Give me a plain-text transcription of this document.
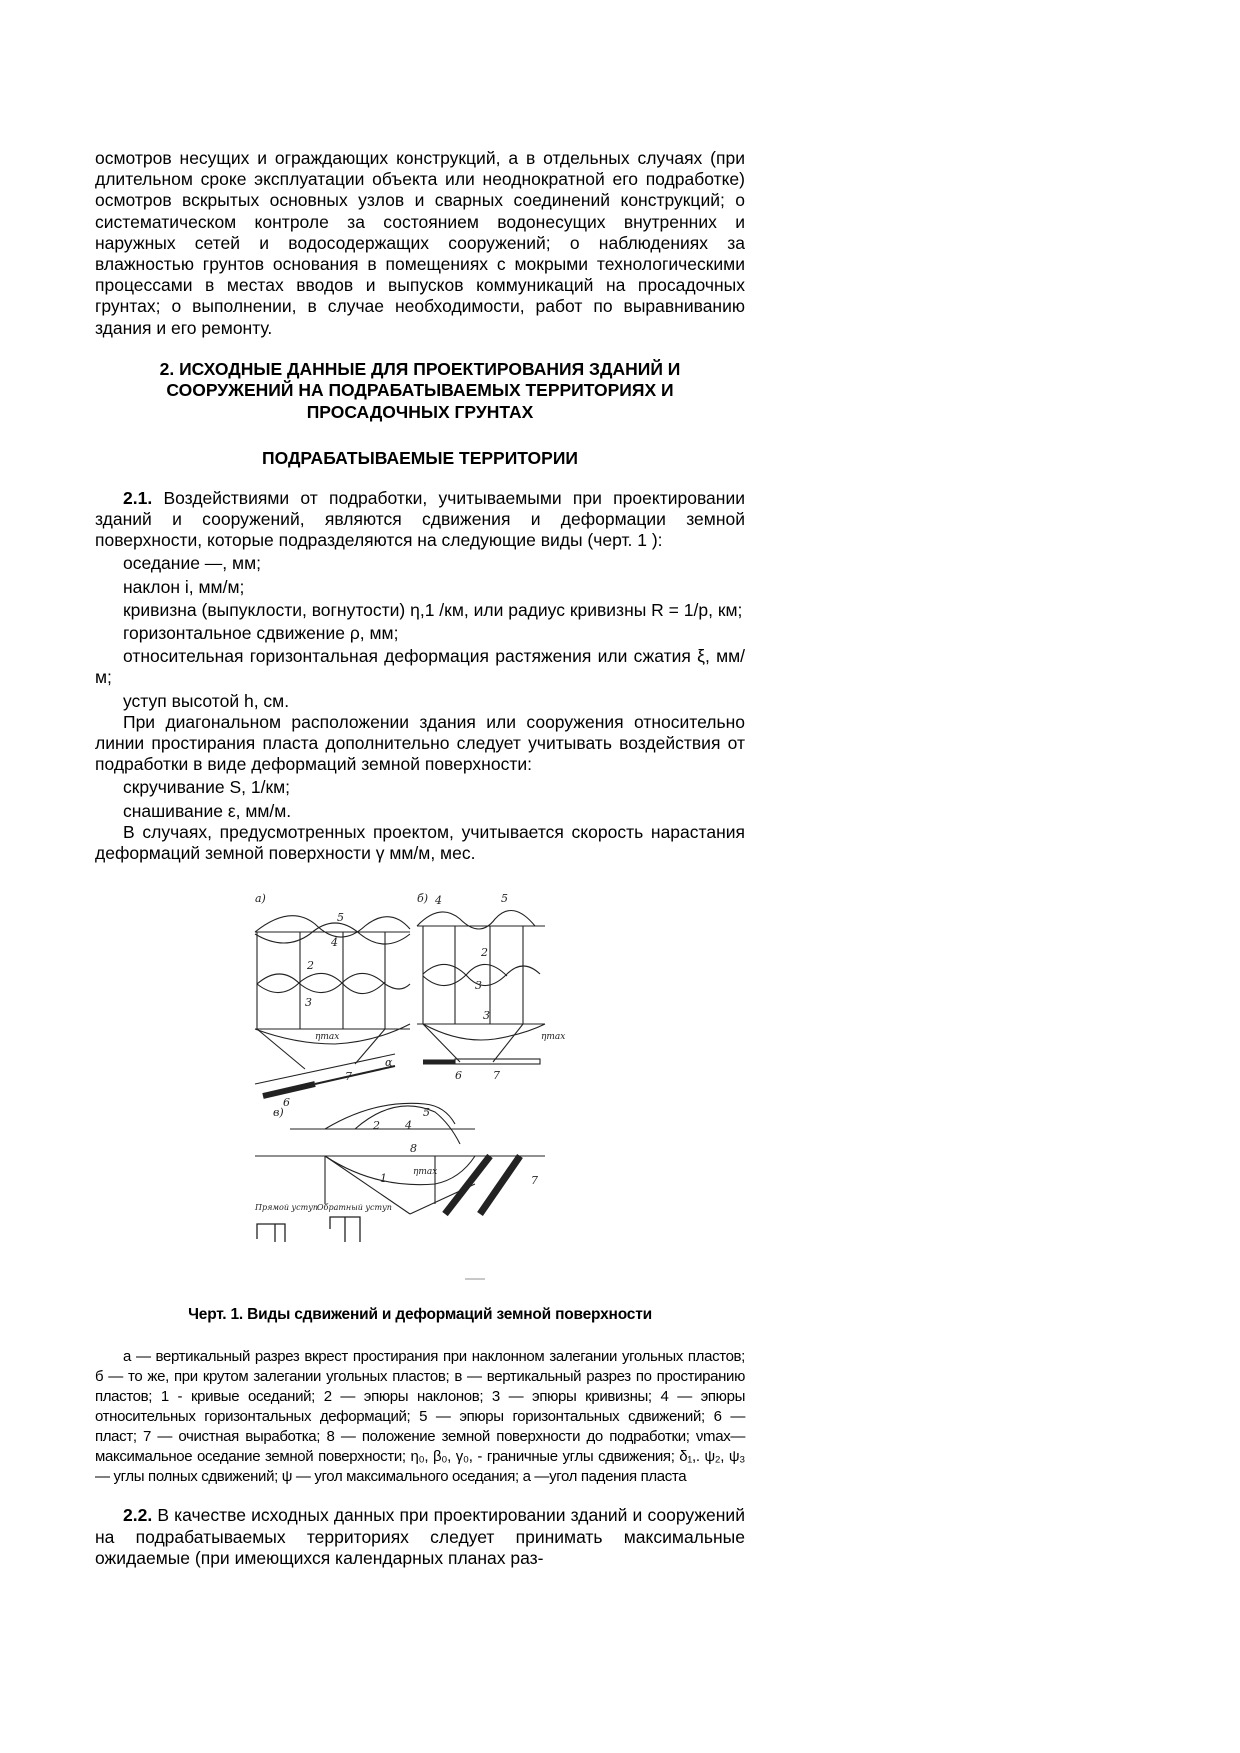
осмотров несущих и ограждающих конструкций, а в отдельных случаях (при длительном сроке эксплуатации объекта или неоднократной его подработке) осмотров вскрытых основных узлов и сварных соединений конструкций; о систематическом контроле за состоянием водонесущих внутренних и наружных сетей и водосодержащих сооружений; о наблюдениях за влажностью грунтов основания в помещениях с мокрыми технологическими процессами в местах вводов и выпусков коммуникаций на просадочных грунтах; о выполнении, в случае необходимости, работ по выравниванию здания и его ремонту.

2. ИСХОДНЫЕ ДАННЫЕ ДЛЯ ПРОЕКТИРОВАНИЯ ЗДАНИЙ И СООРУЖЕНИЙ НА ПОДРАБАТЫВАЕМЫХ ТЕРРИТОРИЯХ И ПРОСАДОЧНЫХ ГРУНТАХ

ПОДРАБАТЫВАЕМЫЕ ТЕРРИТОРИИ

2.1. Воздействиями от подработки, учитываемыми при проектировании зданий и сооружений, являются сдвижения и деформации земной поверхности, которые подразделяются на следующие виды (черт. 1 ):

оседание —, мм;

наклон i, мм/м;

кривизна (выпуклости, вогнутости) η,1 /км, или радиус кривизны R = 1/p, км;

горизонтальное сдвижение ρ, мм;

относительная горизонтальная деформация растяжения или сжатия ξ, мм/м;

уступ высотой h, см.

При диагональном расположении здания или сооружения относительно линии простирания пласта дополнительно следует учитывать воздействия от подработки в виде деформаций земной поверхности:

скручивание S, 1/км;

снашивание ε, мм/м.

В случаях, предусмотренных проектом, учитывается скорость нарастания деформаций земной поверхности γ мм/м, мес.

а)
5
4
2
3
ηmax
α
6
7
б)
2
3
3
5
4
ηmax
6	7
в)	5
2 4
8
ηmax
1	7
Прямой уступ
Обратный уступ

Черт. 1. Виды сдвижений и деформаций земной поверхности

а — вертикальный разрез вкрест простирания при наклонном залегании угольных пластов; б — то же, при крутом залегании угольных пластов; в — вертикальный разрез по простиранию пластов; 1 - кривые оседаний; 2 — эпюры наклонов; 3 — эпюры кривизны; 4 — эпюры относительных горизонтальных деформаций; 5 — эпюры горизонтальных сдвижений; 6 — пласт; 7 — очистная выработка; 8 — положение земной поверхности до подработки; νmax— максимальное оседание земной поверхности; η₀, β₀, γ₀, - граничные углы сдвижения; δ₁,. ψ₂, ψ₃— углы полных сдвижений; ψ — угол максимального оседания; а —угол падения пласта

2.2. В качестве исходных данных при проектировании зданий и сооружений на подрабатываемых территориях следует принимать максимальные ожидаемые (при имеющихся календарных планах раз-
